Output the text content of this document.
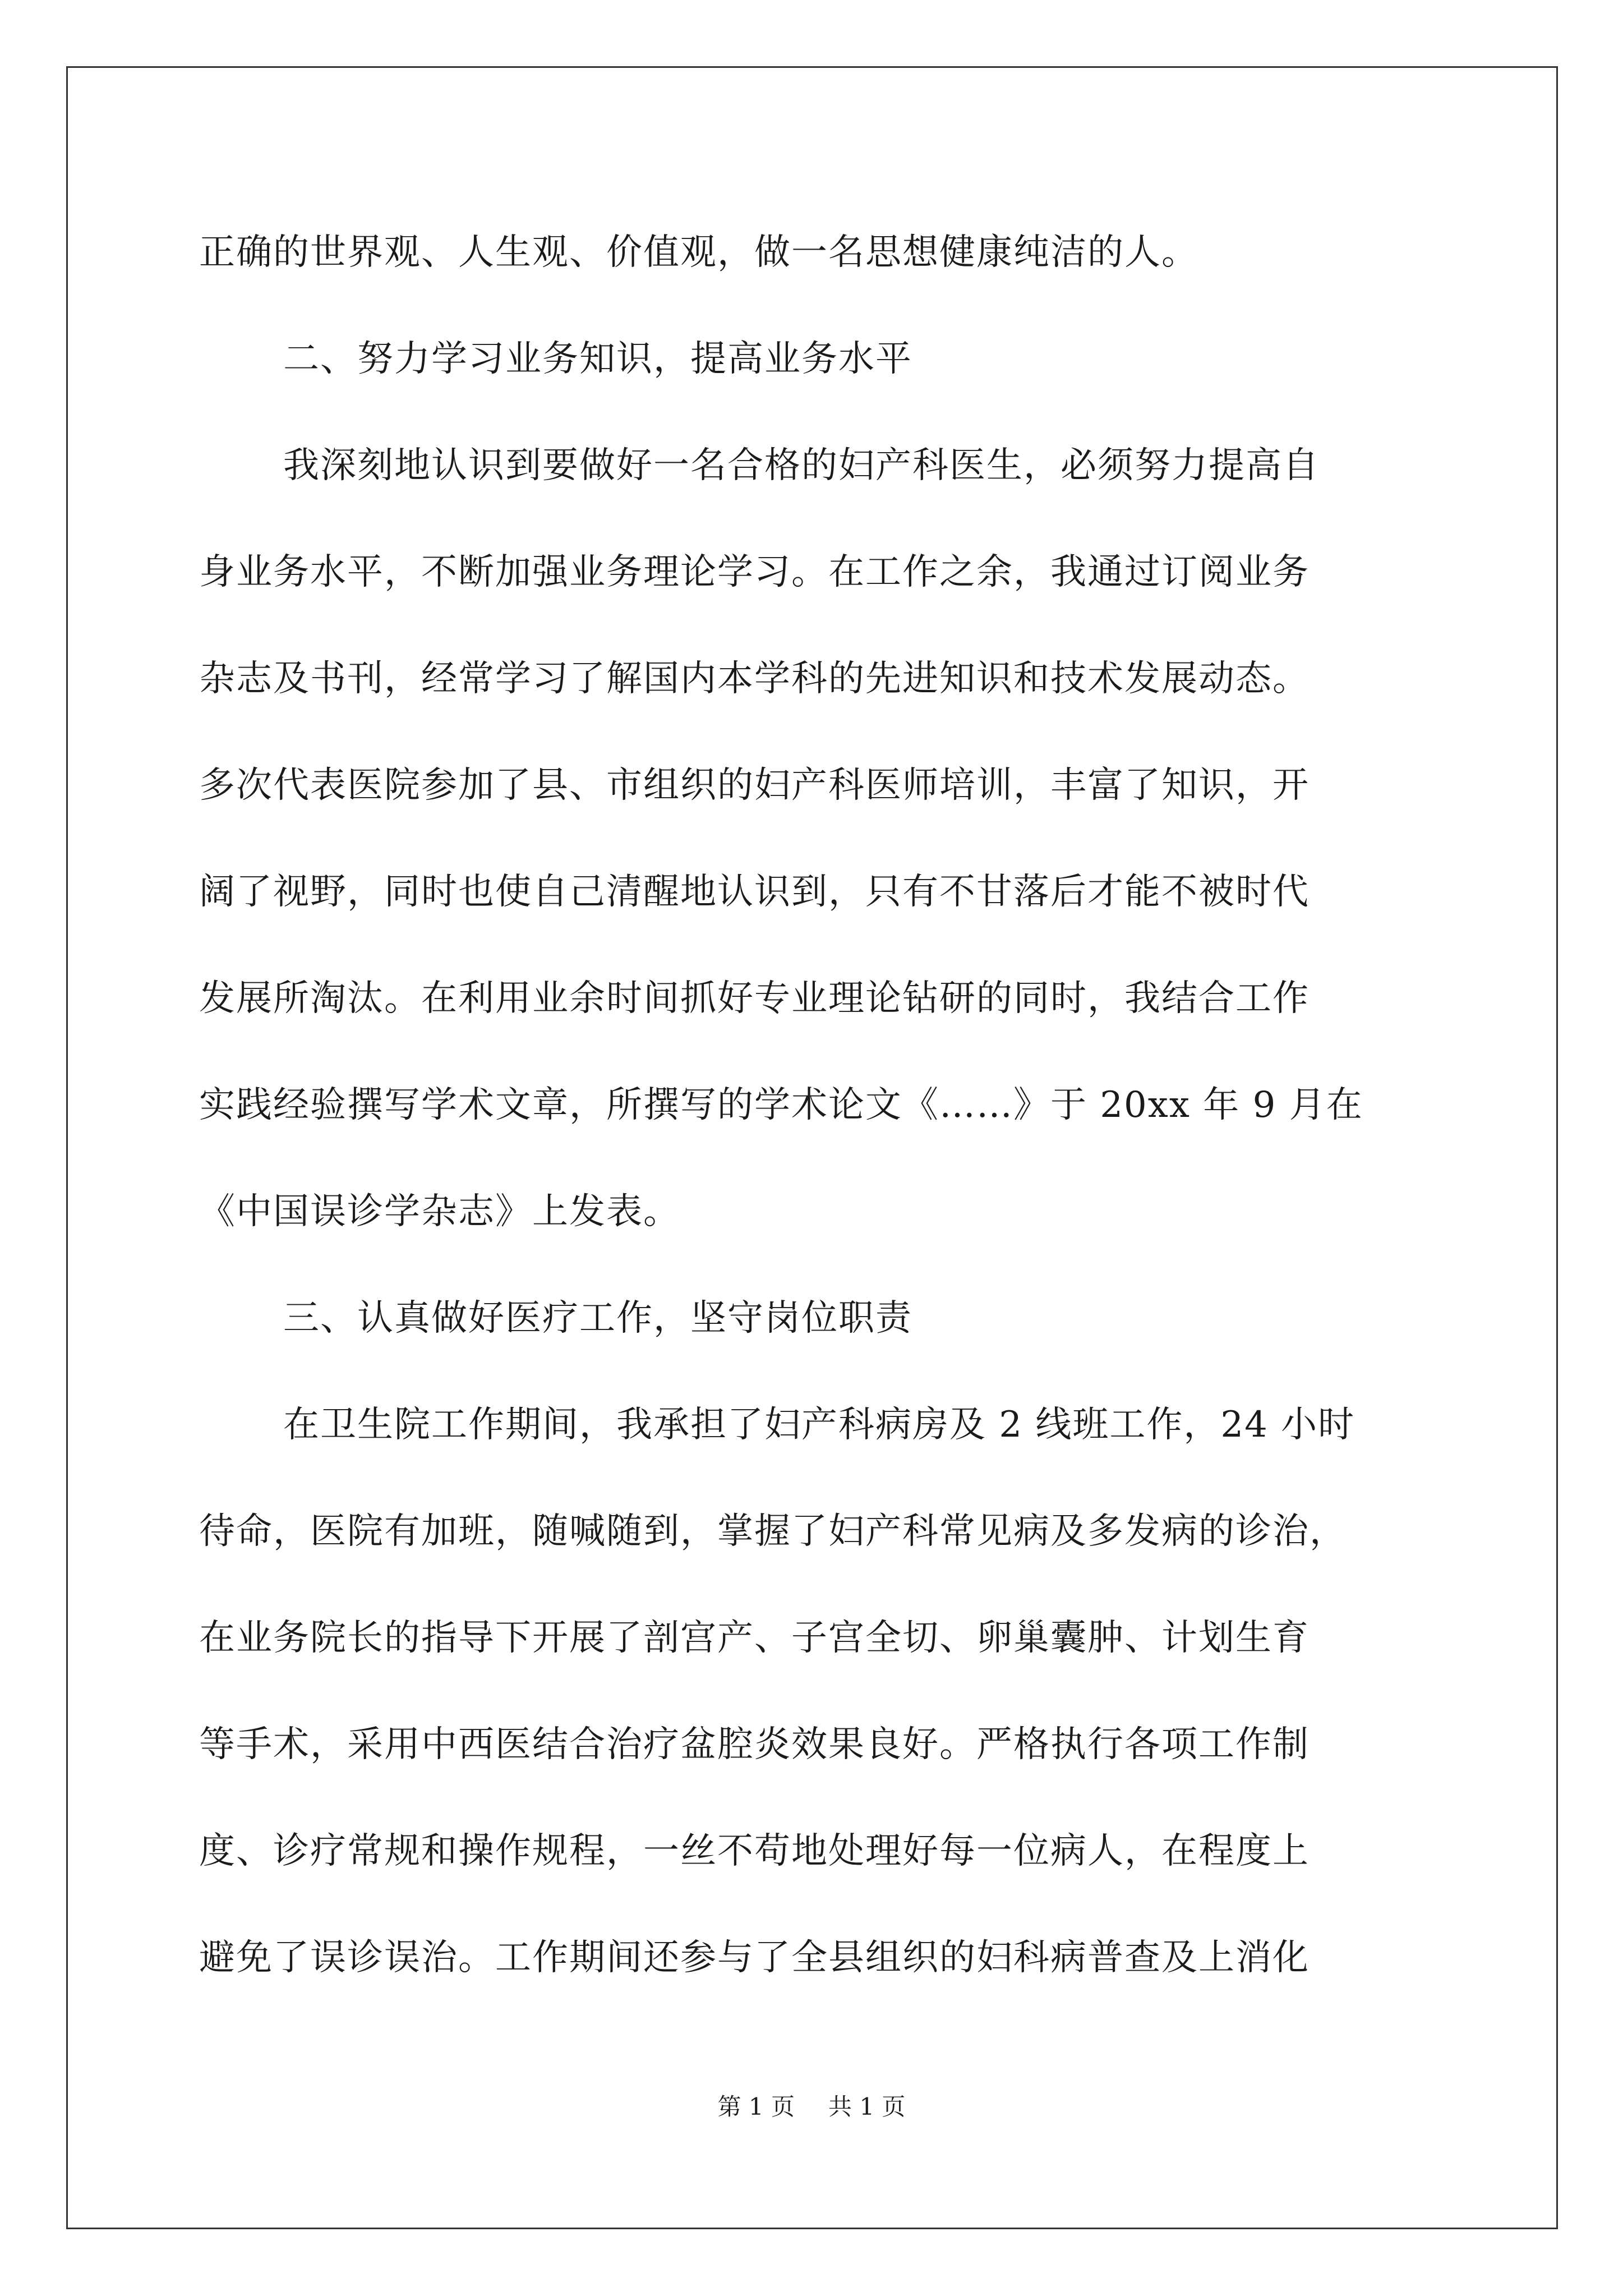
正确的世界观、人生观、价值观，做一名思想健康纯洁的人。
二、努力学习业务知识，提高业务水平
我深刻地认识到要做好一名合格的妇产科医生，必须努力提高自
身业务水平，不断加强业务理论学习。在工作之余，我通过订阅业务
杂志及书刊，经常学习了解国内本学科的先进知识和技术发展动态。
多次代表医院参加了县、市组织的妇产科医师培训，丰富了知识，开
阔了视野，同时也使自己清醒地认识到，只有不甘落后才能不被时代
发展所淘汰。在利用业余时间抓好专业理论钻研的同时，我结合工作
实践经验撰写学术文章，所撰写的学术论文《……》于 20xx 年 9 月在
《中国误诊学杂志》上发表。
三、认真做好医疗工作，坚守岗位职责
在卫生院工作期间，我承担了妇产科病房及 2 线班工作，24 小时
待命，医院有加班，随喊随到，掌握了妇产科常见病及多发病的诊治，
在业务院长的指导下开展了剖宫产、子宫全切、卵巢囊肿、计划生育
等手术，采用中西医结合治疗盆腔炎效果良好。严格执行各项工作制
度、诊疗常规和操作规程，一丝不苟地处理好每一位病人，在程度上
避免了误诊误治。工作期间还参与了全县组织的妇科病普查及上消化
第 1 页 共 1 页
